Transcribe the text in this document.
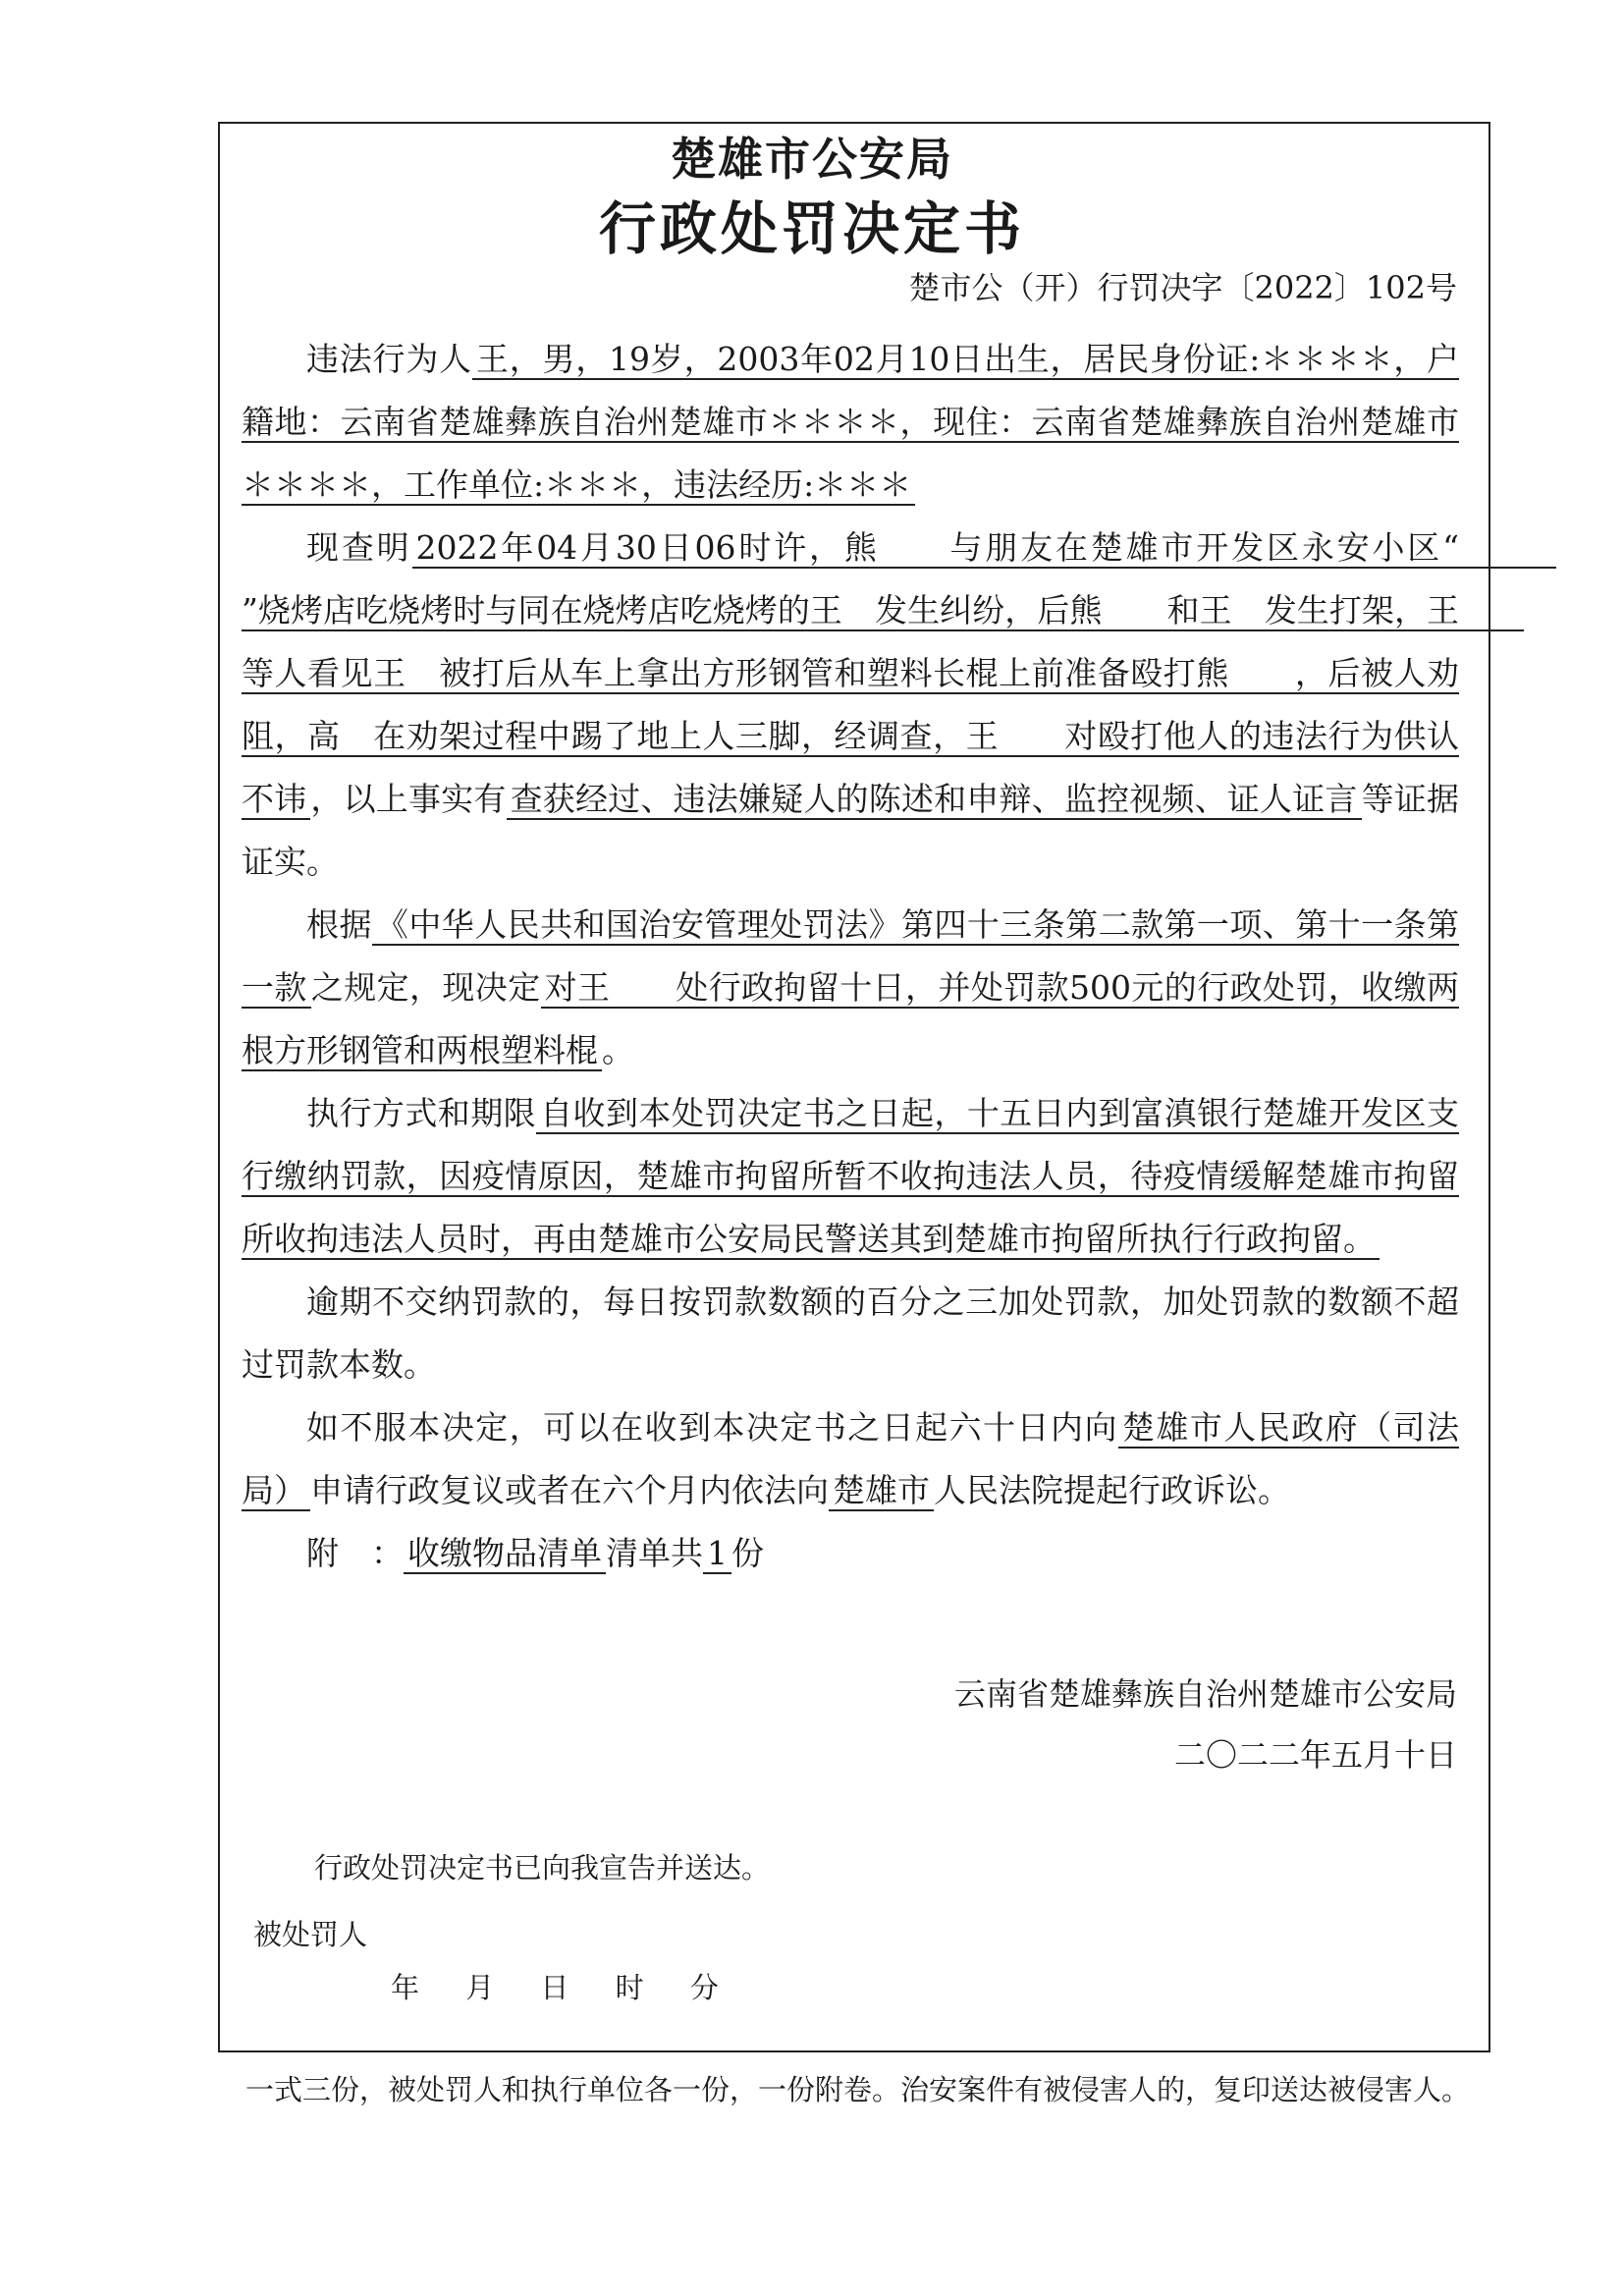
楚雄市公安局
行政处罚决定书
楚市公（开）行罚决字〔2022〕102号

违法行为人 王，男，19岁，2003年02月10日出生，居民身份证:＊＊＊＊，户籍地：云南省楚雄彝族自治州楚雄市＊＊＊＊，现住：云南省楚雄彝族自治州楚雄市＊＊＊＊，工作单位:＊＊＊，违法经历:＊＊＊

现查明 2022年04月30日06时许，熊　　与朋友在楚雄市开发区永安小区“　　　”烧烤店吃烧烤时与同在烧烤店吃烧烤的王　发生纠纷，后熊　　和王　发生打架，王　　等人看见王　被打后从车上拿出方形钢管和塑料长棍上前准备殴打熊　　，后被人劝阻，高　在劝架过程中踢了地上人三脚，经调查，王　　对殴打他人的违法行为供认不讳 ，以上事实有 查获经过、违法嫌疑人的陈述和申辩、监控视频、证人证言 等证据证实。

根据 《中华人民共和国治安管理处罚法》第四十三条第二款第一项、第十一条第一款 之规定，现决定 对王　　处行政拘留十日，并处罚款500元的行政处罚，收缴两根方形钢管和两根塑料棍 。

执行方式和期限 自收到本处罚决定书之日起，十五日内到富滇银行楚雄开发区支行缴纳罚款，因疫情原因，楚雄市拘留所暂不收拘违法人员，待疫情缓解楚雄市拘留所收拘违法人员时，再由楚雄市公安局民警送其到楚雄市拘留所执行行政拘留。

逾期不交纳罚款的，每日按罚款数额的百分之三加处罚款，加处罚款的数额不超过罚款本数。

如不服本决定，可以在收到本决定书之日起六十日内向 楚雄市人民政府（司法局） 申请行政复议或者在六个月内依法向 楚雄市 人民法院提起行政诉讼。

附　： 收缴物品清单 清单共 1 份

云南省楚雄彝族自治州楚雄市公安局
二〇二二年五月十日
行政处罚决定书已向我宣告并送达。
被处罚人
年 月 日 时 分
一式三份，被处罚人和执行单位各一份，一份附卷。治安案件有被侵害人的，复印送达被侵害人。
